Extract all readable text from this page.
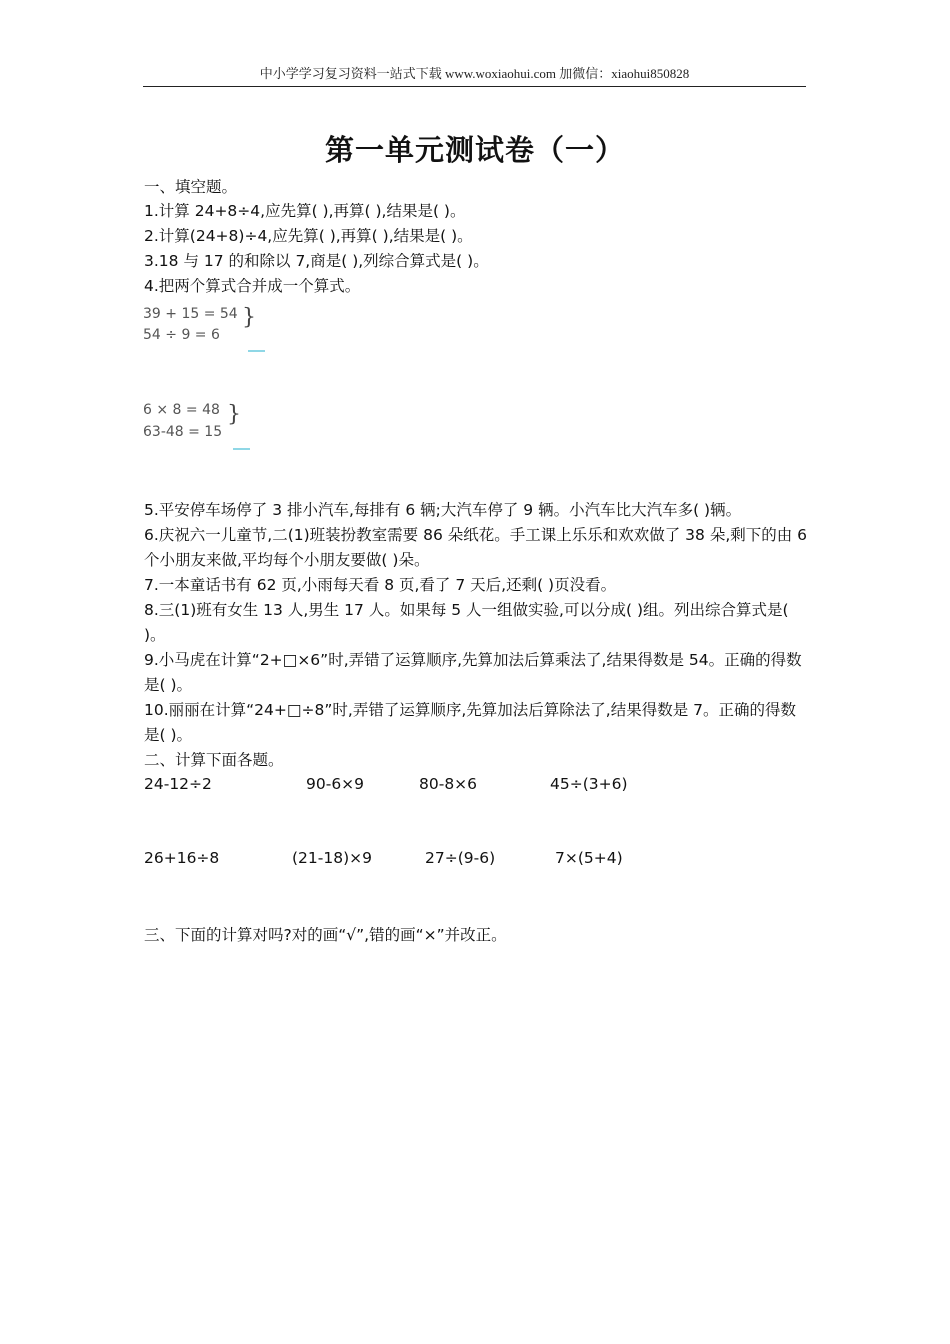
中小学学习复习资料一站式下载 www.woxiaohui.com 加微信：xiaohui850828
第一单元测试卷（一）
一、填空题。
1.计算 24+8÷4,应先算( ),再算( ),结果是( )。
2.计算(24+8)÷4,应先算( ),再算( ),结果是( )。
3.18 与 17 的和除以 7,商是( ),列综合算式是( )。
4.把两个算式合并成一个算式。
39 + 15 = 54
54 ÷ 9 = 6
}
6 × 8 = 48
63-48 = 15
}
5.平安停车场停了 3 排小汽车,每排有 6 辆;大汽车停了 9 辆。小汽车比大汽车多( )辆。
6.庆祝六一儿童节,二(1)班装扮教室需要 86 朵纸花。手工课上乐乐和欢欢做了 38 朵,剩下的由 6 个小朋友来做,平均每个小朋友要做( )朵。
7.一本童话书有 62 页,小雨每天看 8 页,看了 7 天后,还剩( )页没看。
8.三(1)班有女生 13 人,男生 17 人。如果每 5 人一组做实验,可以分成( )组。列出综合算式是( )。
9.小马虎在计算“2+□×6”时,弄错了运算顺序,先算加法后算乘法了,结果得数是 54。正确的得数是( )。
10.丽丽在计算“24+□÷8”时,弄错了运算顺序,先算加法后算除法了,结果得数是 7。正确的得数是( )。
二、计算下面各题。
24-12÷2	90-6×9	80-8×6	45÷(3+6)
26+16÷8	(21-18)×9	27÷(9-6)	7×(5+4)
三、下面的计算对吗?对的画“√”,错的画“×”并改正。
